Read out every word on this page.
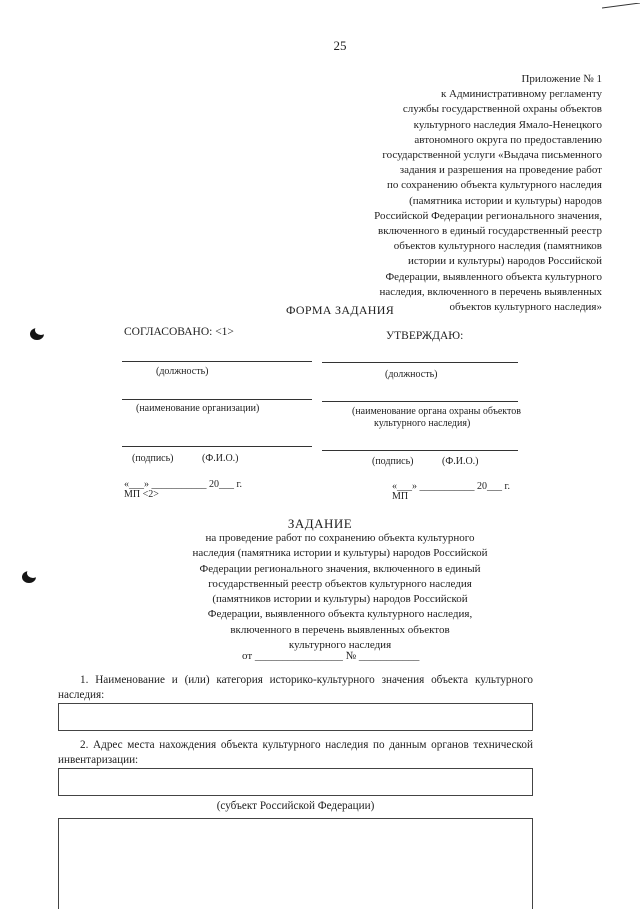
25
Приложение № 1
к Административному регламенту
службы государственной охраны объектов
культурного наследия Ямало-Ненецкого
автономного округа по предоставлению
государственной услуги «Выдача письменного
задания и разрешения на проведение работ
по сохранению объекта культурного наследия
(памятника истории и культуры) народов
Российской Федерации регионального значения,
включенного в единый государственный реестр
объектов культурного наследия (памятников
истории и культуры) народов Российской
Федерации, выявленного объекта культурного
наследия, включенного в перечень выявленных
объектов культурного наследия»
ФОРМА ЗАДАНИЯ
СОГЛАСОВАНО: <1>
(должность)
(наименование организации)
(подпись)	(Ф.И.О.)
«___» ___________ 20___ г.
МП <2>
УТВЕРЖДАЮ:
(должность)
(наименование органа охраны объектов
культурного наследия)
(подпись)	(Ф.И.О.)
«___» ___________ 20___ г.
МП
ЗАДАНИЕ
на проведение работ по сохранению объекта культурного
наследия (памятника истории и культуры) народов Российской
Федерации регионального значения, включенного в единый
государственный реестр объектов культурного наследия
(памятников истории и культуры) народов Российской
Федерации, выявленного объекта культурного наследия,
включенного в перечень выявленных объектов
культурного наследия
от ________________ № ___________
1. Наименование и (или) категория историко-культурного значения объекта культурного наследия:
2. Адрес места нахождения объекта культурного наследия по данным органов технической инвентаризации:
(субъект Российской Федерации)
